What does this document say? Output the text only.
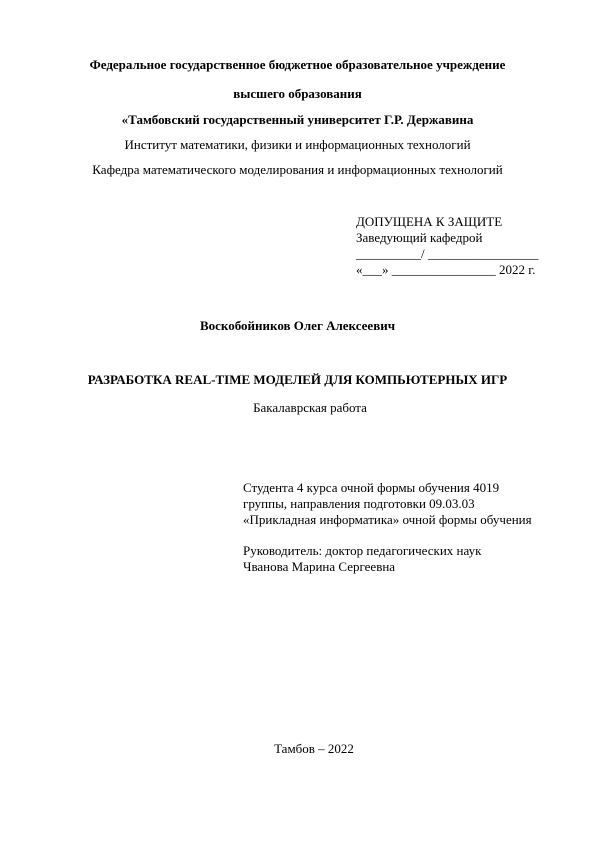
Федеральное государственное бюджетное образовательное учреждение
высшего образования
«Тамбовский государственный университет Г.Р. Державина
Институт математики, физики и информационных технологий
Кафедра математического моделирования и информационных технологий
ДОПУЩЕНА К ЗАЩИТЕ
Заведующий кафедрой
__________/ _________________
«___» ________________ 2022 г.
Воскобойников Олег Алексеевич
РАЗРАБОТКА REAL-TIME МОДЕЛЕЙ ДЛЯ КОМПЬЮТЕРНЫХ ИГР
Бакалаврская работа
Студента 4 курса очной формы обучения 4019
группы, направления подготовки 09.03.03
«Прикладная информатика» очной формы обучения
Руководитель: доктор педагогических наук
Чванова Марина Сергеевна
Тамбов – 2022
